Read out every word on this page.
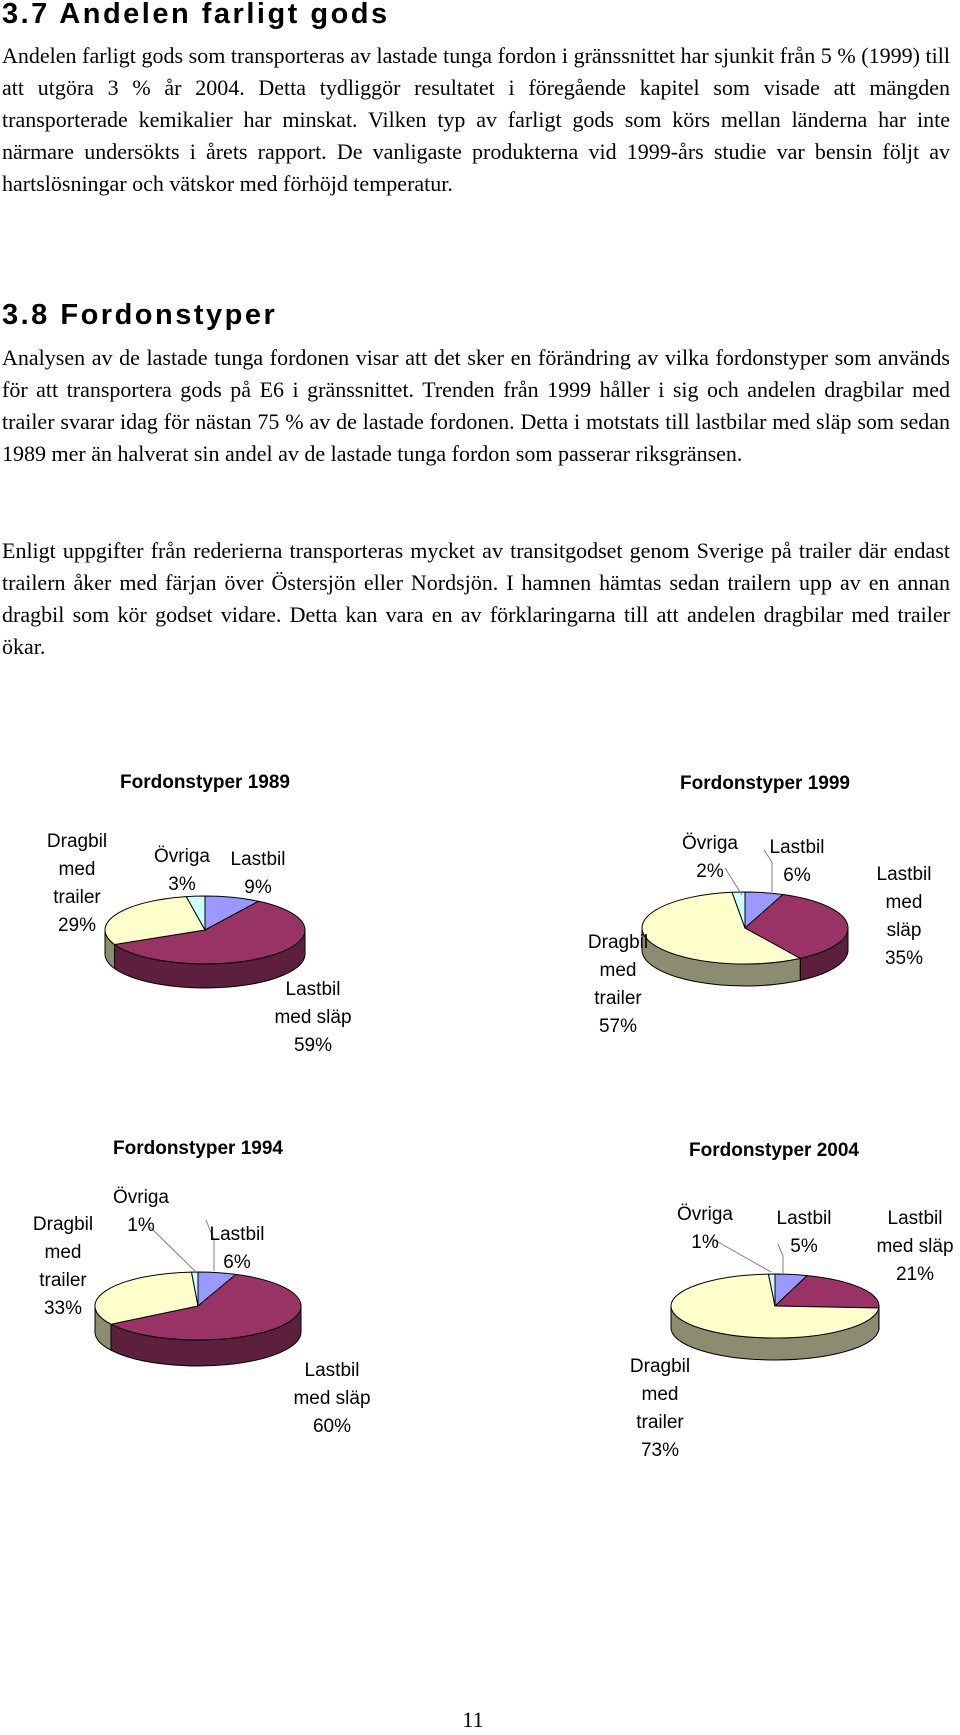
3.7 Andelen farligt gods

Andelen farligt gods som transporteras av lastade tunga fordon i gränssnittet har sjunkit från 5 % (1999) till att utgöra 3 % år 2004. Detta tydliggör resultatet i föregående kapitel som visade att mängden transporterade kemikalier har minskat. Vilken typ av farligt gods som körs mellan länderna har inte närmare undersökts i årets rapport. De vanligaste produkterna vid 1999-års studie var bensin följt av hartslösningar och vätskor med förhöjd temperatur.

3.8 Fordonstyper

Analysen av de lastade tunga fordonen visar att det sker en förändring av vilka fordonstyper som används för att transportera gods på E6 i gränssnittet. Trenden från 1999 håller i sig och andelen dragbilar med trailer svarar idag för nästan 75 % av de lastade fordonen. Detta i motstats till lastbilar med släp som sedan 1989 mer än halverat sin andel av de lastade tunga fordon som passerar riksgränsen.

Enligt uppgifter från rederierna transporteras mycket av transitgodset genom Sverige på trailer där endast trailern åker med färjan över Östersjön eller Nordsjön. I hamnen hämtas sedan trailern upp av en annan dragbil som kör godset vidare. Detta kan vara en av förklaringarna till att andelen dragbilar med trailer ökar.

Fordonstyper 1989
Lastbil 9%
Lastbil med släp 59%
Dragbil med trailer 29%
Övriga 3%
Fordonstyper 1999
Lastbil 6%	Lastbil med släp 35%
Dragbil med trailer 57%
Övriga 2%
Fordonstyper 1994
Lastbil 6%
Lastbil med släp 60%
Dragbil med trailer 33%
Övriga 1%
Fordonstyper 2004
Lastbil 5%
Lastbil med släp 21%
Dragbil med trailer 73%
Övriga 1%
11
